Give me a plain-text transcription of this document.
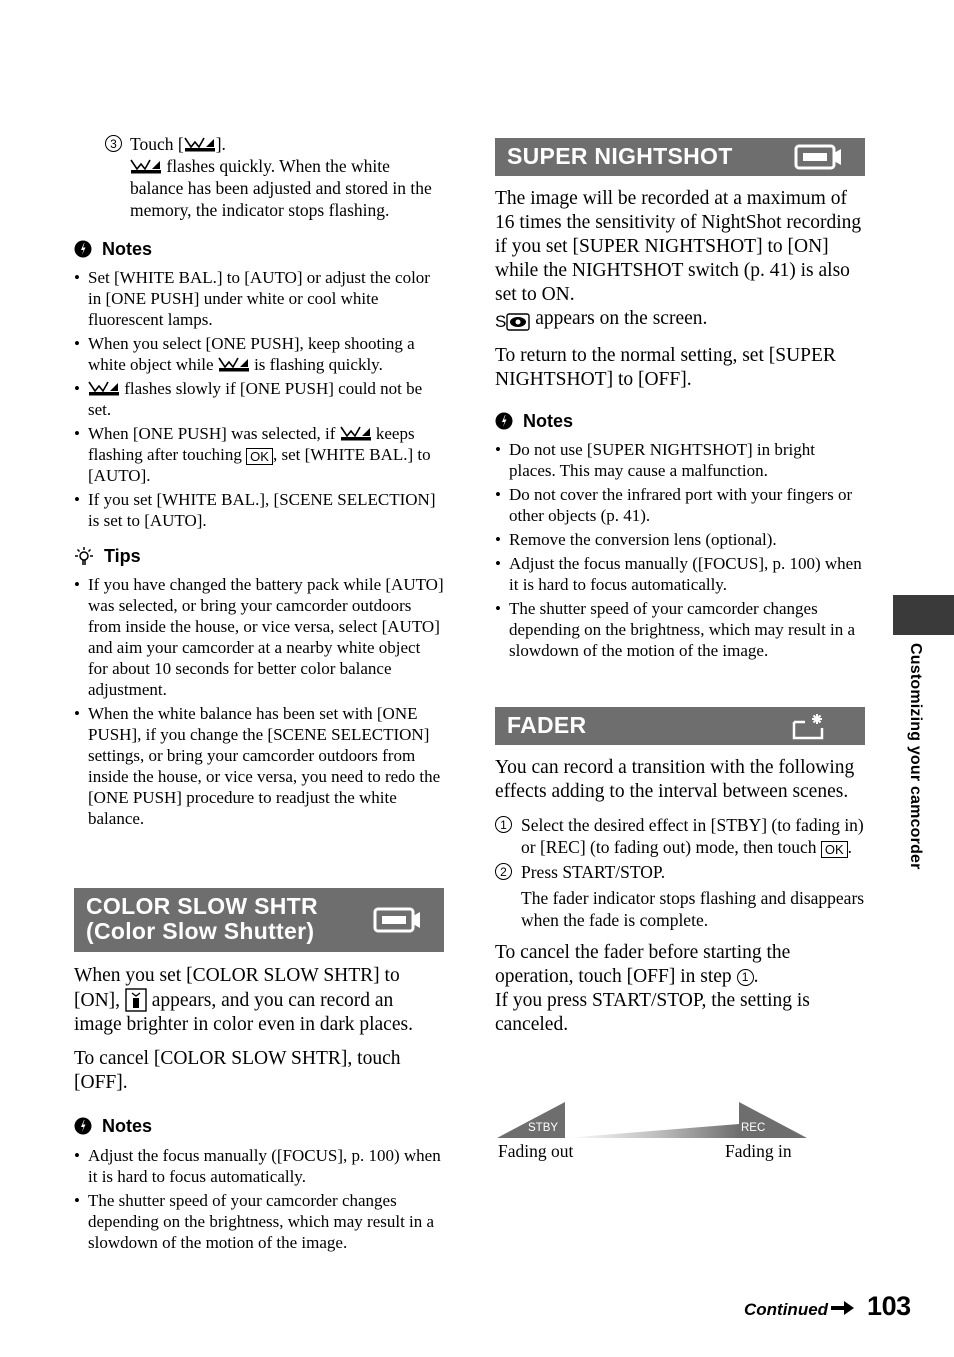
3 Touch [ ].

flashes quickly. When the white balance has been adjusted and stored in the memory, the indicator stops flashing.

Notes
• Set [WHITE BAL.] to [AUTO] or adjust the color in [ONE PUSH] under white or cool white fluorescent lamps.
• When you select [ONE PUSH], keep shooting a white object while  is flashing quickly.
• flashes slowly if [ONE PUSH] could not be set.
• When [ONE PUSH] was selected, if  keeps flashing after touching OK , set [WHITE BAL.] to [AUTO].
• If you set [WHITE BAL.], [SCENE SELECTION] is set to [AUTO].
Tips
• If you have changed the battery pack while [AUTO] was selected, or bring your camcorder outdoors from inside the house, or vice versa, select [AUTO] and aim your camcorder at a nearby white object for about 10 seconds for better color balance adjustment.
• When the white balance has been set with [ONE PUSH], if you change the [SCENE SELECTION] settings, or bring your camcorder outdoors from inside the house, or vice versa, you need to redo the [ONE PUSH] procedure to readjust the white balance.
COLOR SLOW SHTR
(Color Slow Shutter)

When you set [COLOR SLOW SHTR] to [ON],  appears, and you can record an image brighter in color even in dark places.

To cancel [COLOR SLOW SHTR], touch [OFF].

Notes
• Adjust the focus manually ([FOCUS], p. 100) when it is hard to focus automatically.
• The shutter speed of your camcorder changes depending on the brightness, which may result in a slowdown of the motion of the image.
SUPER NIGHTSHOT

The image will be recorded at a maximum of 16 times the sensitivity of NightShot recording if you set [SUPER NIGHTSHOT] to [ON] while the NIGHTSHOT switch (p. 41) is also set to ON.

S appears on the screen.

To return to the normal setting, set [SUPER NIGHTSHOT] to [OFF].

Notes
• Do not use [SUPER NIGHTSHOT] in bright places. This may cause a malfunction.
• Do not cover the infrared port with your fingers or other objects (p. 41).
• Remove the conversion lens (optional).
• Adjust the focus manually ([FOCUS], p. 100) when it is hard to focus automatically.
• The shutter speed of your camcorder changes depending on the brightness, which may result in a slowdown of the motion of the image.
FADER

You can record a transition with the following effects adding to the interval between scenes.

1 Select the desired effect in [STBY] (to fading in) or [REC] (to fading out) mode, then touch OK .

2 Press START/STOP.

The fader indicator stops flashing and disappears when the fade is complete.

To cancel the fader before starting the operation, touch [OFF] in step 1 .

If you press START/STOP, the setting is canceled.

STBY	REC
Fading out	Fading in
Customizing your camcorder
Continued 103
